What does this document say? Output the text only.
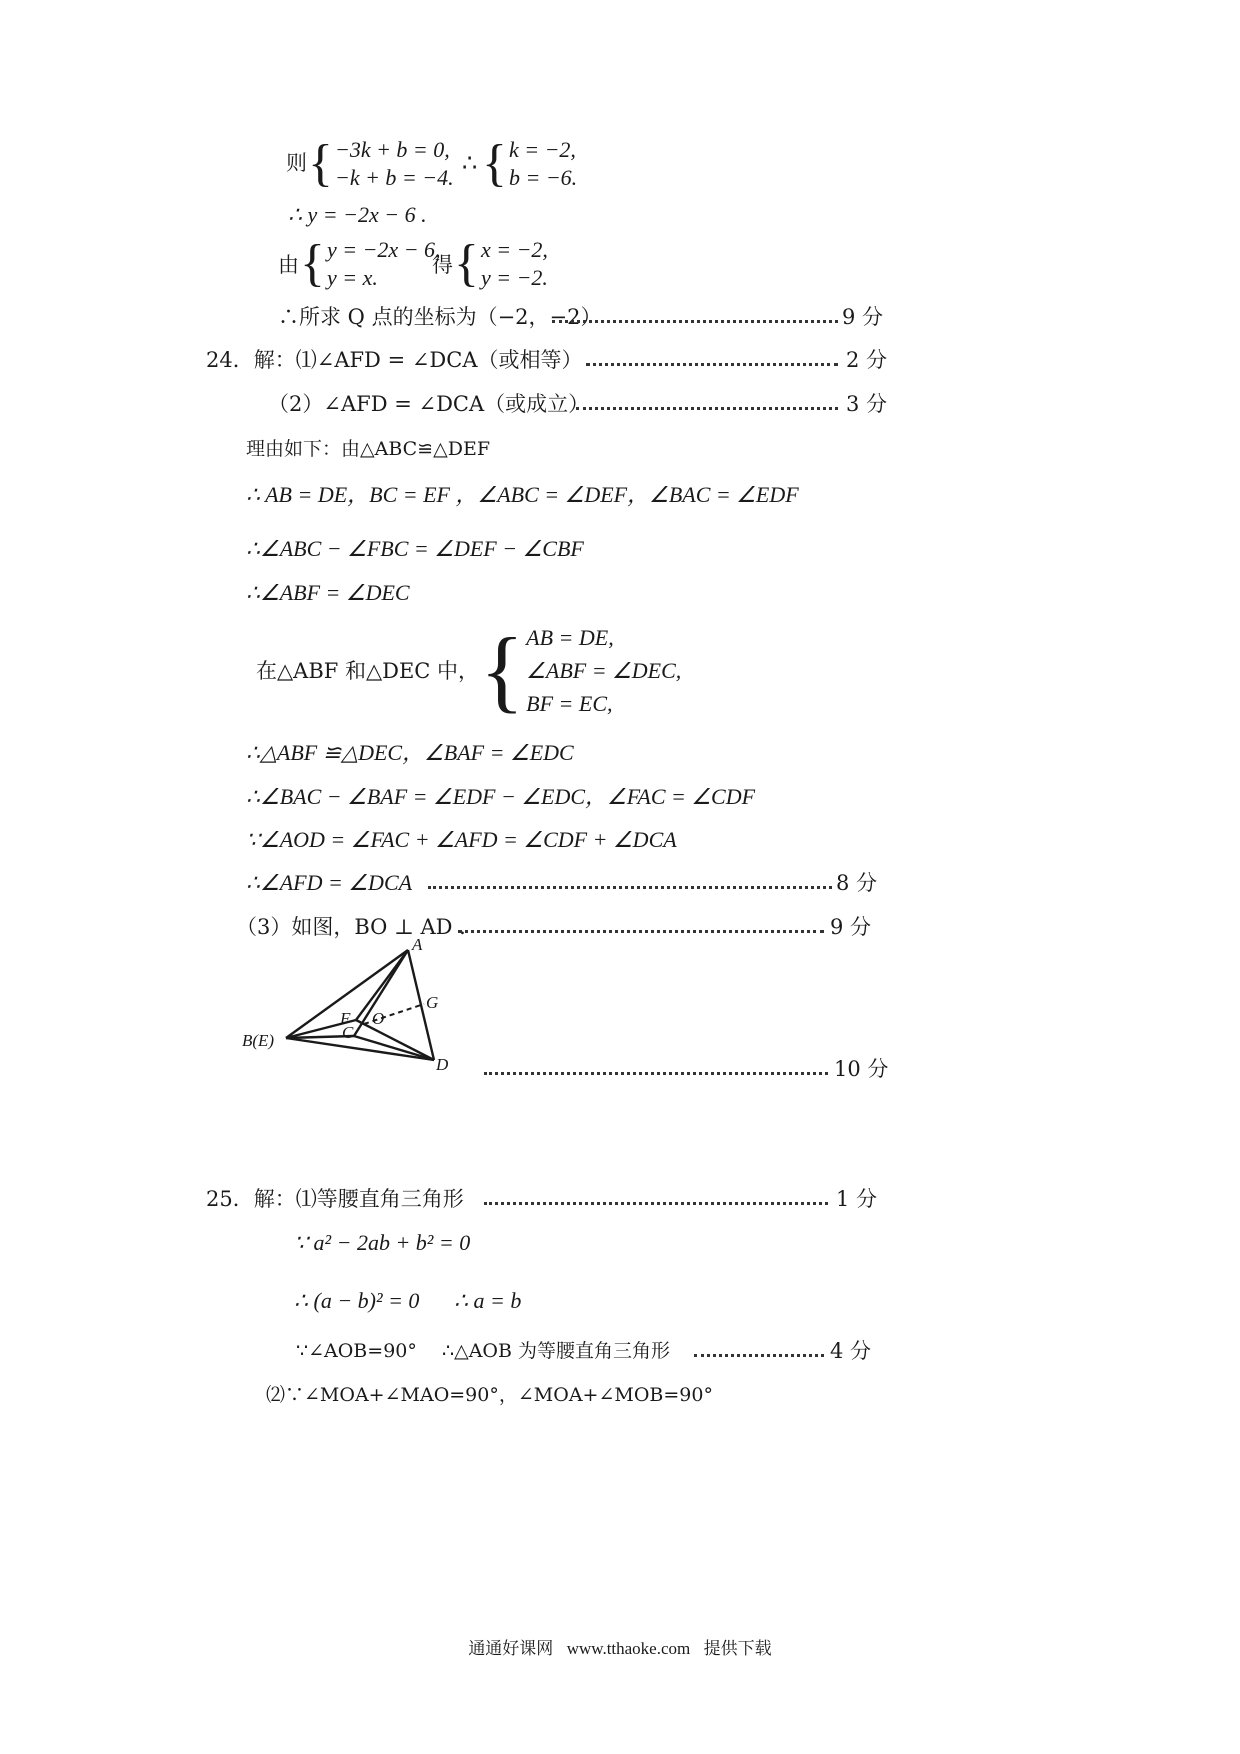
则 { −3k + b = 0,
−k + b = −4.
∴ { k = −2,
b = −6.
∴ y = −2x − 6 .
由 { y = −2x − 6,
y = x.	得 { x = −2,
y = −2.
∴所求 Q 点的坐标为（−2，−2）	9 分
24．解：⑴∠AFD = ∠DCA（或相等）	2 分
（2）∠AFD = ∠DCA（或成立）	3 分
理由如下：由△ABC≌△DEF
∴ AB = DE，BC = EF ，∠ABC = ∠DEF，∠BAC = ∠EDF
∴∠ABC − ∠FBC = ∠DEF − ∠CBF
∴∠ABF = ∠DEC
在△ABF 和△DEC 中， { AB = DE,
∠ABF = ∠DEC,
BF = EC,
∴△ABF ≌△DEC，∠BAF = ∠EDC
∴∠BAC − ∠BAF = ∠EDF − ∠EDC，∠FAC = ∠CDF
∵∠AOD = ∠FAC + ∠AFD = ∠CDF + ∠DCA
∴∠AFD = ∠DCA	8 分
（3）如图，BO ⊥ AD .	9 分
A
G
F O
C
B(E)
D	10 分
25．解：⑴等腰直角三角形	1 分
∵ a² − 2ab + b² = 0
∴ (a − b)² = 0 ∴ a = b
∵∠AOB=90° ∴△AOB 为等腰直角三角形	4 分
⑵∵∠MOA+∠MAO=90°，∠MOA+∠MOB=90°
通通好课网 www.tthaoke.com 提供下载
